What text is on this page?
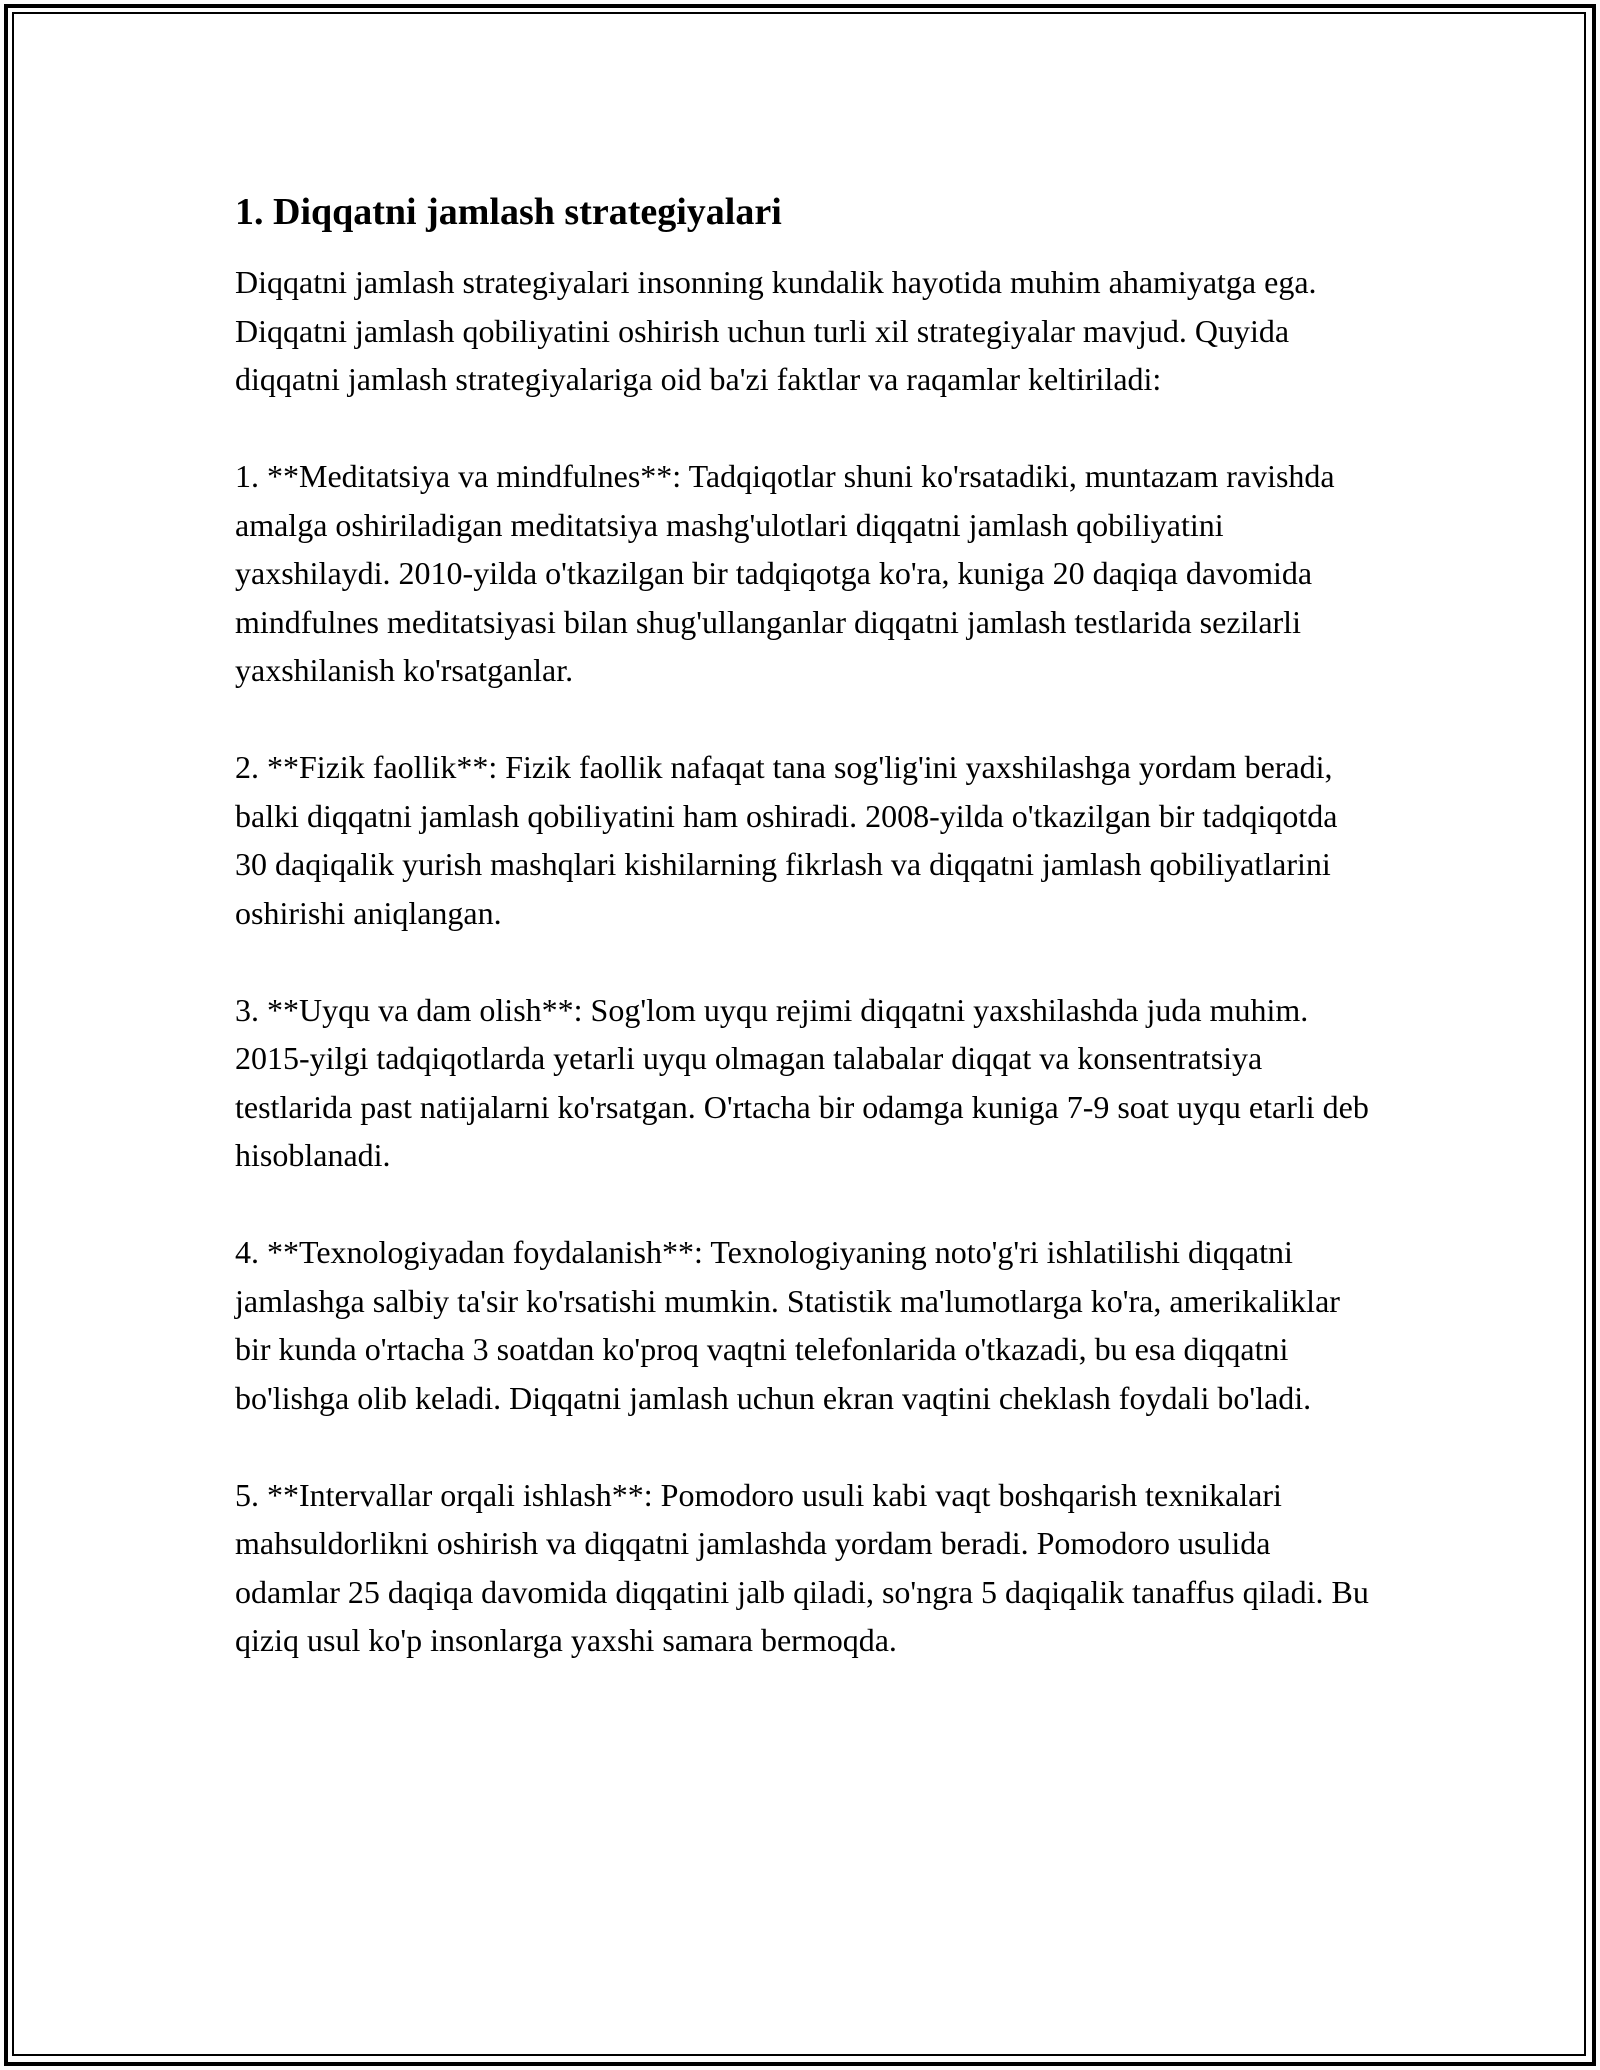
1. Diqqatni jamlash strategiyalari

Diqqatni jamlash strategiyalari insonning kundalik hayotida muhim ahamiyatga ega. Diqqatni jamlash qobiliyatini oshirish uchun turli xil strategiyalar mavjud. Quyida diqqatni jamlash strategiyalariga oid ba'zi faktlar va raqamlar keltiriladi:

1. **Meditatsiya va mindfulnes**: Tadqiqotlar shuni ko'rsatadiki, muntazam ravishda amalga oshiriladigan meditatsiya mashg'ulotlari diqqatni jamlash qobiliyatini yaxshilaydi. 2010-yilda o'tkazilgan bir tadqiqotga ko'ra, kuniga 20 daqiqa davomida mindfulnes meditatsiyasi bilan shug'ullanganlar diqqatni jamlash testlarida sezilarli yaxshilanish ko'rsatganlar.

2. **Fizik faollik**: Fizik faollik nafaqat tana sog'lig'ini yaxshilashga yordam beradi, balki diqqatni jamlash qobiliyatini ham oshiradi. 2008-yilda o'tkazilgan bir tadqiqotda 30 daqiqalik yurish mashqlari kishilarning fikrlash va diqqatni jamlash qobiliyatlarini oshirishi aniqlangan.

3. **Uyqu va dam olish**: Sog'lom uyqu rejimi diqqatni yaxshilashda juda muhim. 2015-yilgi tadqiqotlarda yetarli uyqu olmagan talabalar diqqat va konsentratsiya testlarida past natijalarni ko'rsatgan. O'rtacha bir odamga kuniga 7-9 soat uyqu etarli deb hisoblanadi.

4. **Texnologiyadan foydalanish**: Texnologiyaning noto'g'ri ishlatilishi diqqatni jamlashga salbiy ta'sir ko'rsatishi mumkin. Statistik ma'lumotlarga ko'ra, amerikaliklar bir kunda o'rtacha 3 soatdan ko'proq vaqtni telefonlarida o'tkazadi, bu esa diqqatni bo'lishga olib keladi. Diqqatni jamlash uchun ekran vaqtini cheklash foydali bo'ladi.

5. **Intervallar orqali ishlash**: Pomodoro usuli kabi vaqt boshqarish texnikalari mahsuldorlikni oshirish va diqqatni jamlashda yordam beradi. Pomodoro usulida odamlar 25 daqiqa davomida diqqatini jalb qiladi, so'ngra 5 daqiqalik tanaffus qiladi. Bu qiziq usul ko'p insonlarga yaxshi samara bermoqda.
